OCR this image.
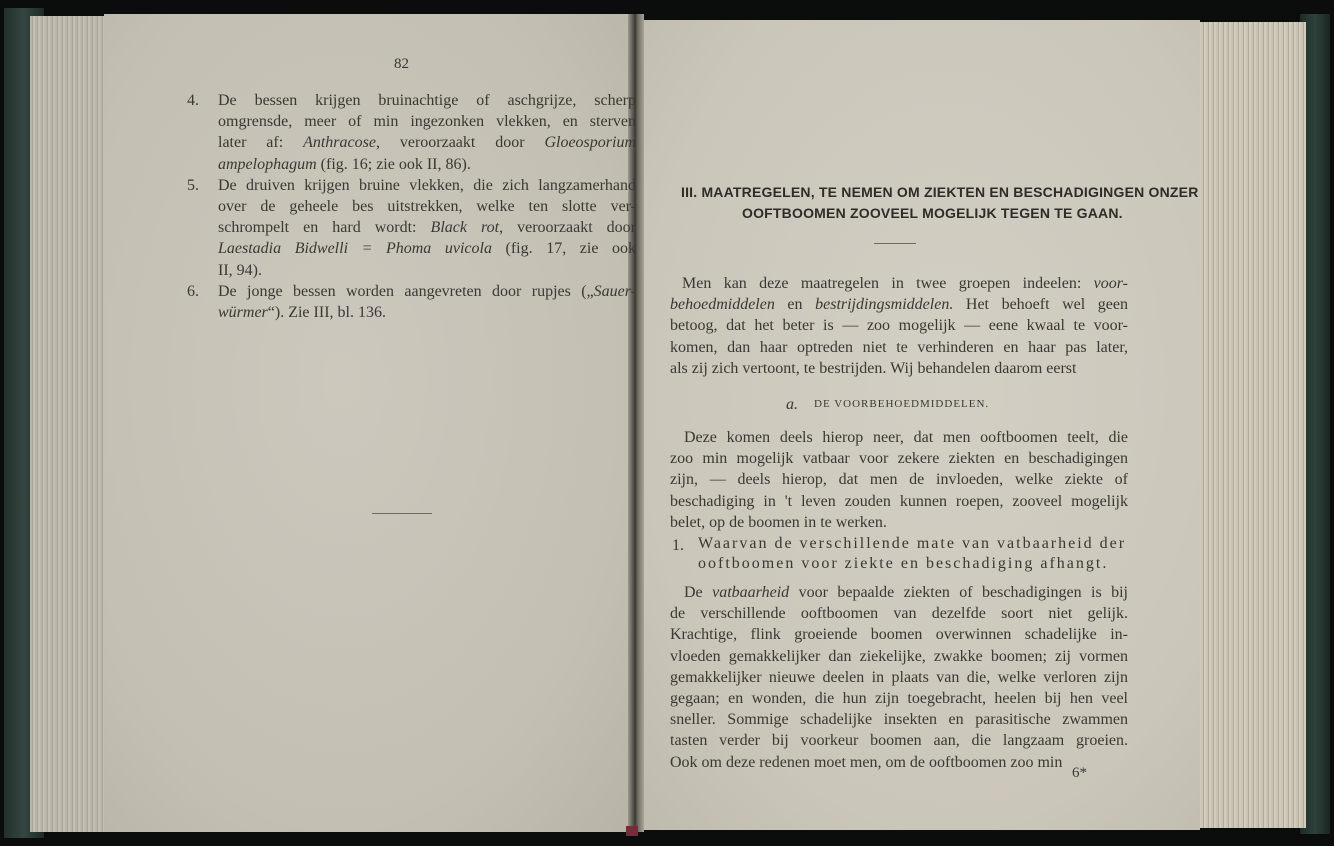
82
4. De bessen krijgen bruinachtige of aschgrijze, scherp
omgrensde, meer of min ingezonken vlekken, en sterven
later af: Anthracose, veroorzaakt door Gloeosporium
ampelophagum (fig. 16; zie ook II, 86).
5. De druiven krijgen bruine vlekken, die zich langzamerhand
over de geheele bes uitstrekken, welke ten slotte ver-
schrompelt en hard wordt: Black rot, veroorzaakt door
Laestadia Bidwelli = Phoma uvicola (fig. 17, zie ook
II, 94).
6. De jonge bessen worden aangevreten door rupjes („Sauer-
würmer“). Zie III, bl. 136.
III. MAATREGELEN, TE NEMEN OM ZIEKTEN EN BESCHADIGINGEN ONZER
OOFTBOOMEN ZOOVEEL MOGELIJK TEGEN TE GAAN.
Men kan deze maatregelen in twee groepen indeelen: voor-
behoedmiddelen en bestrijdingsmiddelen. Het behoeft wel geen
betoog, dat het beter is — zoo mogelijk — eene kwaal te voor-
komen, dan haar optreden niet te verhinderen en haar pas later,
als zij zich vertoont, te bestrijden. Wij behandelen daarom eerst
a. DE VOORBEHOEDMIDDELEN.
Deze komen deels hierop neer, dat men ooftboomen teelt, die
zoo min mogelijk vatbaar voor zekere ziekten en beschadigingen
zijn, — deels hierop, dat men de invloeden, welke ziekte of
beschadiging in 't leven zouden kunnen roepen, zooveel mogelijk
belet, op de boomen in te werken.
1. Waarvan de verschillende mate van vatbaarheid der
ooftboomen voor ziekte en beschadiging afhangt.
De vatbaarheid voor bepaalde ziekten of beschadigingen is bij
de verschillende ooftboomen van dezelfde soort niet gelijk.
Krachtige, flink groeiende boomen overwinnen schadelijke in-
vloeden gemakkelijker dan ziekelijke, zwakke boomen; zij vormen
gemakkelijker nieuwe deelen in plaats van die, welke verloren zijn
gegaan; en wonden, die hun zijn toegebracht, heelen bij hen veel
sneller. Sommige schadelijke insekten en parasitische zwammen
tasten verder bij voorkeur boomen aan, die langzaam groeien.
Ook om deze redenen moet men, om de ooftboomen zoo min
6*
